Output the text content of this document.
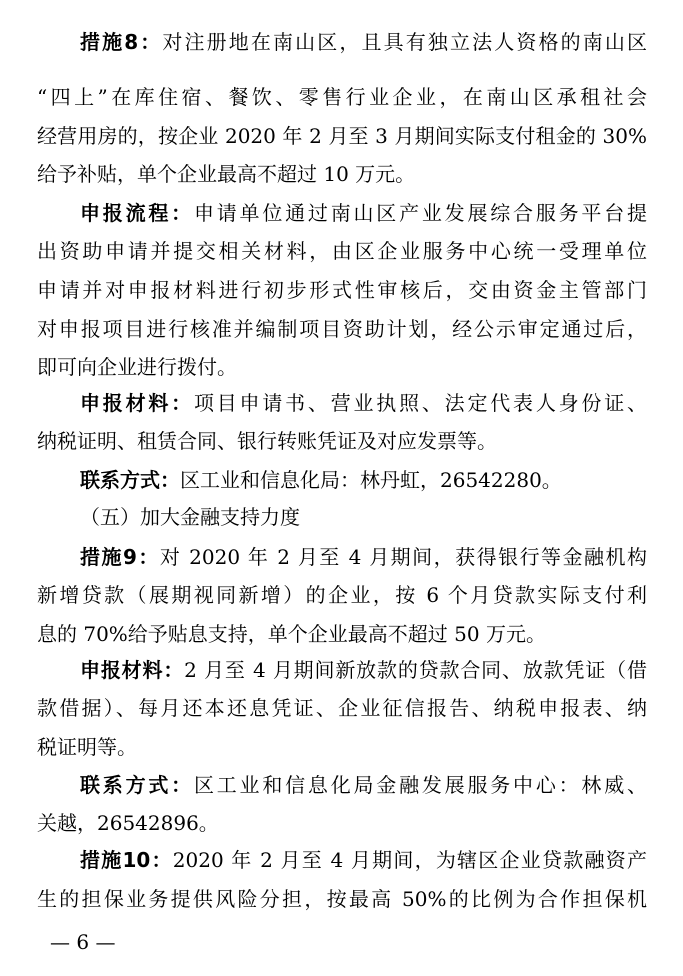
措施8：对注册地在南山区，且具有独立法人资格的南山区
“四上”在库住宿、餐饮、零售行业企业，在南山区承租社会
经营用房的，按企业 2020 年 2 月至 3 月期间实际支付租金的 30%
给予补贴，单个企业最高不超过 10 万元。
申报流程：申请单位通过南山区产业发展综合服务平台提
出资助申请并提交相关材料，由区企业服务中心统一受理单位
申请并对申报材料进行初步形式性审核后，交由资金主管部门
对申报项目进行核准并编制项目资助计划，经公示审定通过后，
即可向企业进行拨付。
申报材料：项目申请书、营业执照、法定代表人身份证、
纳税证明、租赁合同、银行转账凭证及对应发票等。
联系方式：区工业和信息化局：林丹虹，26542280。
（五）加大金融支持力度
措施9：对 2020 年 2 月至 4 月期间，获得银行等金融机构
新增贷款（展期视同新增）的企业，按 6 个月贷款实际支付利
息的 70%给予贴息支持，单个企业最高不超过 50 万元。
申报材料：2 月至 4 月期间新放款的贷款合同、放款凭证（借
款借据）、每月还本还息凭证、企业征信报告、纳税申报表、纳
税证明等。
联系方式：区工业和信息化局金融发展服务中心：林威、
关越，26542896。
措施10：2020 年 2 月至 4 月期间，为辖区企业贷款融资产
生的担保业务提供风险分担，按最高 50%的比例为合作担保机
— 6 —
